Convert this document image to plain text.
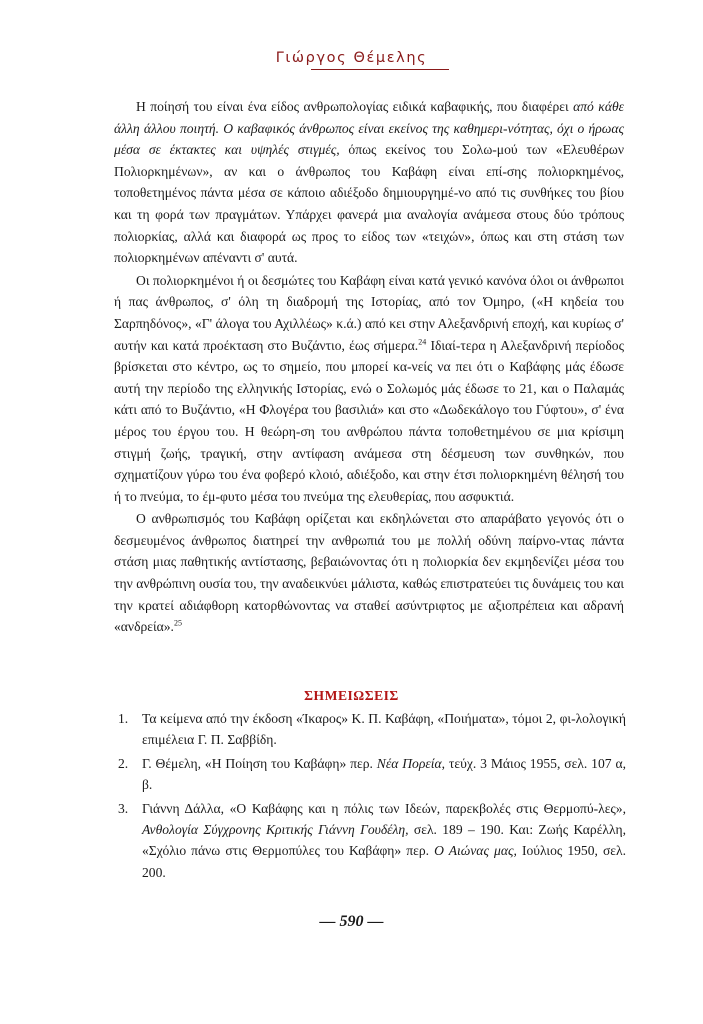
Γιώργος Θέμελης

Η ποίησή του είναι ένα είδος ανθρωπολογίας ειδικά καβαφικής, που διαφέρει από κάθε άλλη άλλου ποιητή. Ο καβαφικός άνθρωπος είναι εκείνος της καθημερι-νότητας, όχι ο ήρωας μέσα σε έκτακτες και υψηλές στιγμές, όπως εκείνος του Σολω-μού των «Ελευθέρων Πολιορκημένων», αν και ο άνθρωπος του Καβάφη είναι επί-σης πολιορκημένος, τοποθετημένος πάντα μέσα σε κάποιο αδιέξοδο δημιουργημέ-νο από τις συνθήκες του βίου και τη φορά των πραγμάτων. Υπάρχει φανερά μια αναλογία ανάμεσα στους δύο τρόπους πολιορκίας, αλλά και διαφορά ως προς το είδος των «τειχών», όπως και στη στάση των πολιορκημένων απέναντι σ' αυτά.

Οι πολιορκημένοι ή οι δεσμώτες του Καβάφη είναι κατά γενικό κανόνα όλοι οι άνθρωποι ή πας άνθρωπος, σ' όλη τη διαδρομή της Ιστορίας, από τον Όμηρο, («Η κηδεία του Σαρπηδόνος», «Γ' άλογα του Αχιλλέως» κ.ά.) από κει στην Αλεξανδρινή εποχή, και κυρίως σ' αυτήν και κατά προέκταση στο Βυζάντιο, έως σήμερα.$^{24}$ Ιδιαί-τερα η Αλεξανδρινή περίοδος βρίσκεται στο κέντρο, ως το σημείο, που μπορεί κα-νείς να πει ότι ο Καβάφης μάς έδωσε αυτή την περίοδο της ελληνικής Ιστορίας, ενώ ο Σολωμός μάς έδωσε το 21, και ο Παλαμάς κάτι από το Βυζάντιο, «Η Φλογέρα του βασιλιά» και στο «Δωδεκάλογο του Γύφτου», σ' ένα μέρος του έργου του. Η θεώρη-ση του ανθρώπου πάντα τοποθετημένου σε μια κρίσιμη στιγμή ζωής, τραγική, στην αντίφαση ανάμεσα στη δέσμευση των συνθηκών, που σχηματίζουν γύρω του ένα φοβερό κλοιό, αδιέξοδο, και στην έτσι πολιορκημένη θέλησή του ή το πνεύμα, το έμ-φυτο μέσα του πνεύμα της ελευθερίας, που ασφυκτιά.

Ο ανθρωπισμός του Καβάφη ορίζεται και εκδηλώνεται στο απαράβατο γεγονός ότι ο δεσμευμένος άνθρωπος διατηρεί την ανθρωπιά του με πολλή οδύνη παίρνο-ντας πάντα στάση μιας παθητικής αντίστασης, βεβαιώνοντας ότι η πολιορκία δεν εκμηδενίζει μέσα του την ανθρώπινη ουσία του, την αναδεικνύει μάλιστα, καθώς επιστρατεύει τις δυνάμεις του και την κρατεί αδιάφθορη κατορθώνοντας να σταθεί ασύντριφτος με αξιοπρέπεια και αδρανή «ανδρεία».$^{25}$

ΣΗΜΕΙΩΣΕΙΣ
1. Τα κείμενα από την έκδοση «Ίκαρος» Κ. Π. Καβάφη, «Ποιήματα», τόμοι 2, φι-λολογική επιμέλεια Γ. Π. Σαββίδη.
2. Γ. Θέμελη, «Η Ποίηση του Καβάφη» περ. Νέα Πορεία, τεύχ. 3 Μάιος 1955, σελ. 107 α, β.
3. Γιάννη Δάλλα, «Ο Καβάφης και η πόλις των Ιδεών, παρεκβολές στις Θερμοπύ-λες», Ανθολογία Σύγχρονης Κριτικής Γιάννη Γουδέλη, σελ. 189 – 190. Και: Ζωής Καρέλλη, «Σχόλιο πάνω στις Θερμοπύλες του Καβάφη» περ. Ο Αιώνας μας, Ιούλιος 1950, σελ. 200.
— 590 —
